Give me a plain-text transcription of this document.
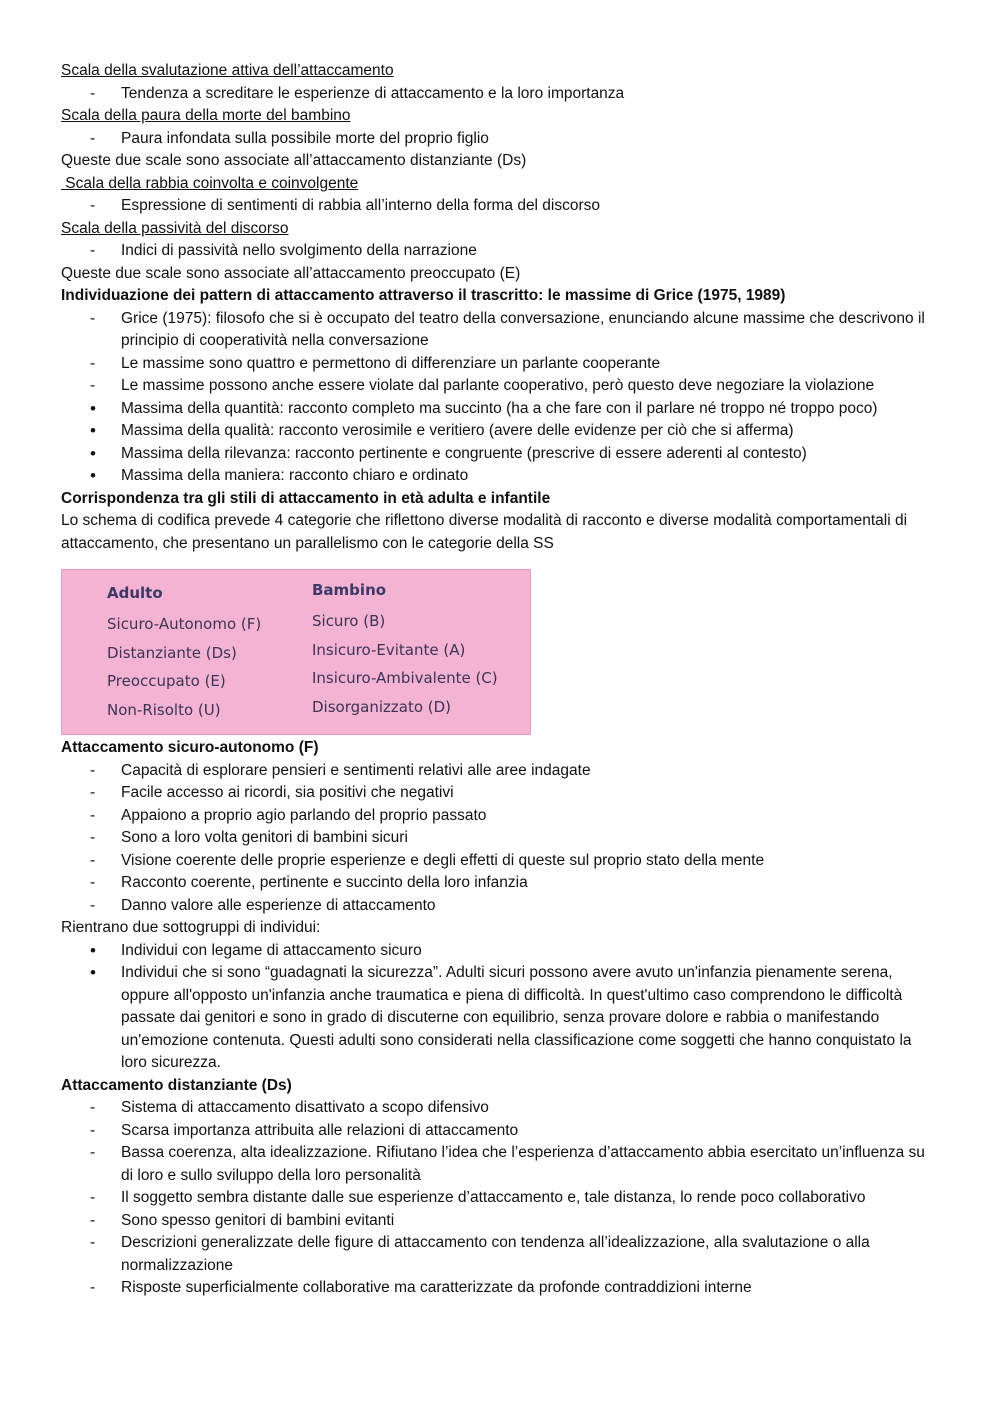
Scala della svalutazione attiva dell’attaccamento

-
Tendenza a screditare le esperienze di attaccamento e la loro importanza

Scala della paura della morte del bambino

-
Paura infondata sulla possibile morte del proprio figlio

Queste due scale sono associate all’attaccamento distanziante (Ds)

Scala della rabbia coinvolta e coinvolgente

-
Espressione di sentimenti di rabbia all’interno della forma del discorso

Scala della passività del discorso

-
Indici di passività nello svolgimento della narrazione

Queste due scale sono associate all’attaccamento preoccupato (E)

Individuazione dei pattern di attaccamento attraverso il trascritto: le massime di Grice (1975, 1989)

-
Grice (1975): filosofo che si è occupato del teatro della conversazione, enunciando alcune massime che descrivono il principio di cooperatività nella conversazione
-
Le massime sono quattro e permettono di differenziare un parlante cooperante
-
Le massime possono anche essere violate dal parlante cooperativo, però questo deve negoziare la violazione
•
Massima della quantità: racconto completo ma succinto (ha a che fare con il parlare né troppo né troppo poco)
•
Massima della qualità: racconto verosimile e veritiero (avere delle evidenze per ciò che si afferma)
•
Massima della rilevanza: racconto pertinente e congruente (prescrive di essere aderenti al contesto)
•
Massima della maniera: racconto chiaro e ordinato

Corrispondenza tra gli stili di attaccamento in età adulta e infantile

Lo schema di codifica prevede 4 categorie che riflettono diverse modalità di racconto e diverse modalità comportamentali di attaccamento, che presentano un parallelismo con le categorie della SS

Adulto
Sicuro-Autonomo (F)
Distanziante (Ds)
Preoccupato (E)
Non-Risolto (U)
Bambino
Sicuro (B)
Insicuro-Evitante (A)
Insicuro-Ambivalente (C)
Disorganizzato (D)

Attaccamento sicuro-autonomo (F)

-
Capacità di esplorare pensieri e sentimenti relativi alle aree indagate
-
Facile accesso ai ricordi, sia positivi che negativi
-
Appaiono a proprio agio parlando del proprio passato
-
Sono a loro volta genitori di bambini sicuri
-
Visione coerente delle proprie esperienze e degli effetti di queste sul proprio stato della mente
-
Racconto coerente, pertinente e succinto della loro infanzia
-
Danno valore alle esperienze di attaccamento

Rientrano due sottogruppi di individui:

•
Individui con legame di attaccamento sicuro
•
Individui che si sono “guadagnati la sicurezza”. Adulti sicuri possono avere avuto un'infanzia pienamente serena, oppure all'opposto un'infanzia anche traumatica e piena di difficoltà. In quest'ultimo caso comprendono le difficoltà passate dai genitori e sono in grado di discuterne con equilibrio, senza provare dolore e rabbia o manifestando un'emozione contenuta. Questi adulti sono considerati nella classificazione come soggetti che hanno conquistato la loro sicurezza.

Attaccamento distanziante (Ds)

-
Sistema di attaccamento disattivato a scopo difensivo
-
Scarsa importanza attribuita alle relazioni di attaccamento
-
Bassa coerenza, alta idealizzazione. Rifiutano l’idea che l’esperienza d’attaccamento abbia esercitato un’influenza su di loro e sullo sviluppo della loro personalità
-
Il soggetto sembra distante dalle sue esperienze d’attaccamento e, tale distanza, lo rende poco collaborativo
-
Sono spesso genitori di bambini evitanti
-
Descrizioni generalizzate delle figure di attaccamento con tendenza all’idealizzazione, alla svalutazione o alla normalizzazione
-
Risposte superficialmente collaborative ma caratterizzate da profonde contraddizioni interne
